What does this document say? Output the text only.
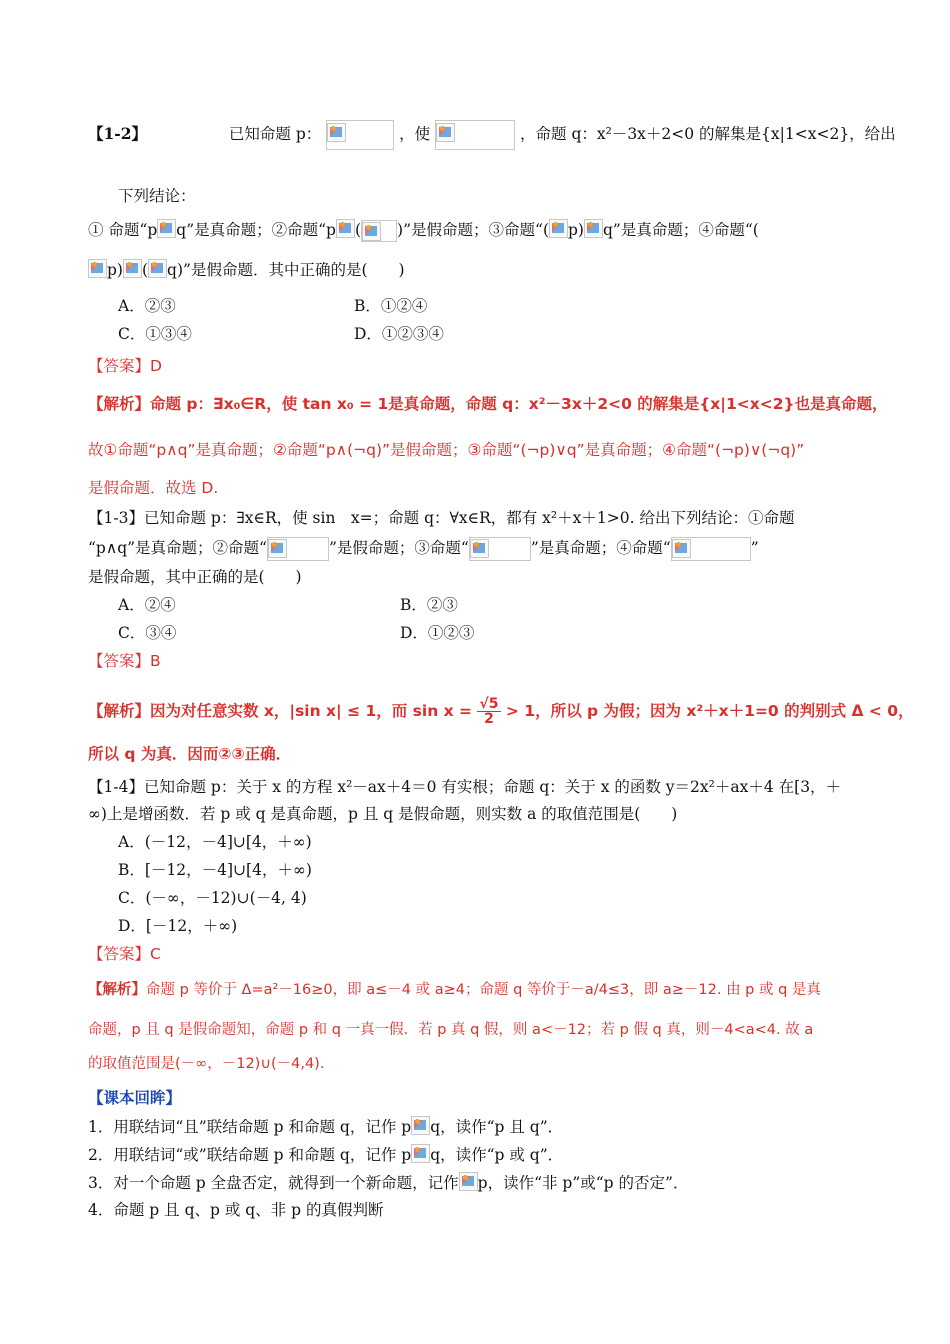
【1-2】	已知命题 p：	，使	，命题 q：x²－3x＋2<0 的解集是{x|1<x<2}，给出
下列结论：
① 命题“p q”是真命题；②命题“p ( )”是假命题；③命题“( p) q”是真命题；④命题“(
p) ( q)”是假命题．其中正确的是(　　)
A．②③	B．①②④
C．①③④	D．①②③④
【答案】D
【解析】命题 p：∃x₀∈R，使 tan x₀ = 1是真命题，命题 q：x²－3x＋2<0 的解集是{x|1<x<2}也是真命题，
故①命题“p∧q”是真命题；②命题“p∧(¬q)”是假命题；③命题“(¬p)∨q”是真命题；④命题“(¬p)∨(¬q)”
是假命题．故选 D.
【1-3】已知命题 p：∃x∈R，使 sin　x=；命题 q：∀x∈R，都有 x²＋x＋1>0. 给出下列结论：①命题
“p∧q”是真命题；②命题“	”是假命题；③命题“	”是真命题；④命题“	”
是假命题，其中正确的是(　　)
A．②④	B．②③
C．③④	D．①②③
【答案】B
【解析】因为对任意实数 x，|sin x| ≤ 1，而 $\sin x = \frac{√5}{2} > 1$，所以 p 为假；因为 x²＋x＋1=0 的判别式 Δ < 0，
所以 q 为真．因而②③正确．
【1-4】已知命题 p：关于 x 的方程 x²－ax＋4＝0 有实根；命题 q：关于 x 的函数 y＝2x²＋ax＋4 在[3，＋
∞)上是增函数．若 p 或 q 是真命题，p 且 q 是假命题，则实数 a 的取值范围是(　　)
A．(－12，－4]∪[4，＋∞)
B．[－12，－4]∪[4，＋∞)
C．(－∞，－12)∪(－4, 4)
D．[－12，＋∞)
【答案】C
【解析】命题 p 等价于 Δ=a²－16≥0，即 a≤－4 或 a≥4；命题 q 等价于－a/4≤3，即 a≥－12. 由 p 或 q 是真
命题，p 且 q 是假命题知，命题 p 和 q 一真一假．若 p 真 q 假，则 a<－12；若 p 假 q 真，则－4<a<4. 故 a
的取值范围是(－∞，－12)∪(－4,4).
【课本回眸】
1．用联结词“且”联结命题 p 和命题 q，记作 p q，读作“p 且 q”．
2．用联结词“或”联结命题 p 和命题 q，记作 p q，读作“p 或 q”．
3．对一个命题 p 全盘否定，就得到一个新命题，记作 p，读作“非 p”或“p 的否定”．
4．命题 p 且 q、p 或 q、非 p 的真假判断
